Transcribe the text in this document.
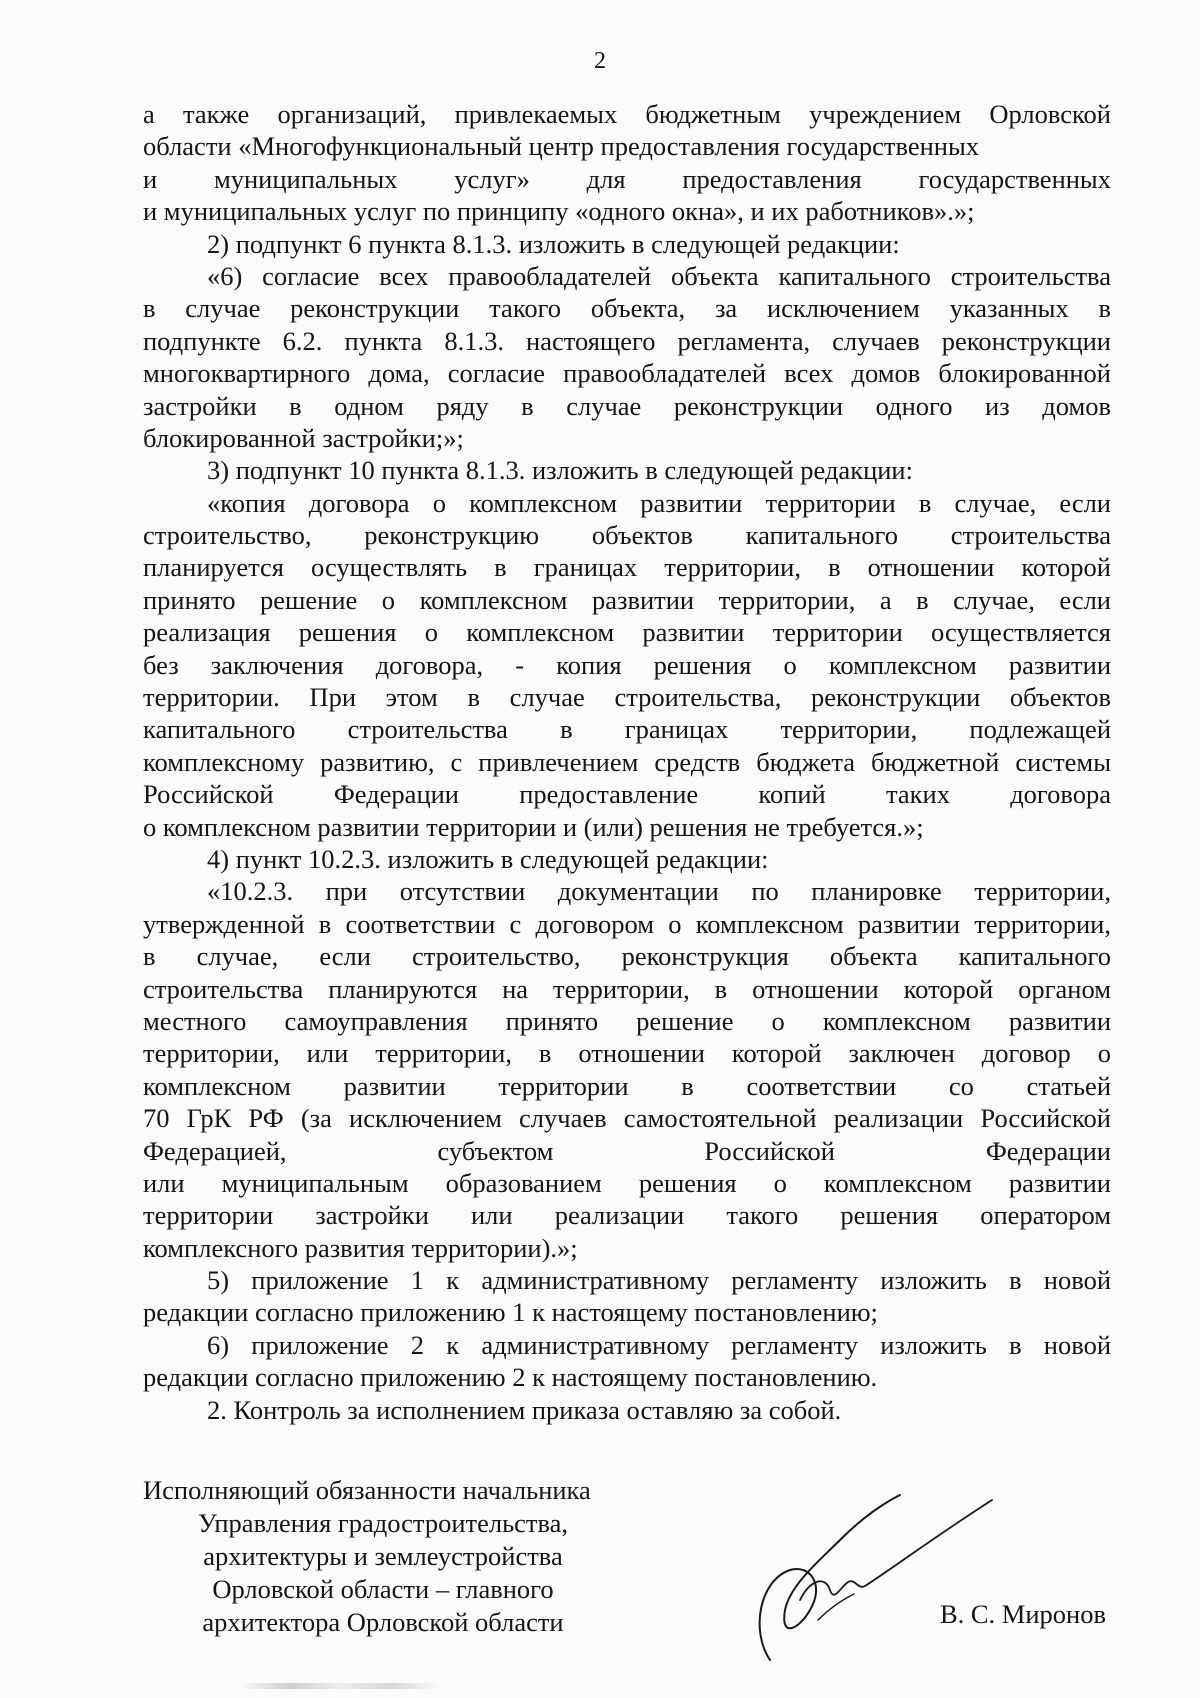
2
а также организаций, привлекаемых бюджетным учреждением Орловской
области «Многофункциональный центр предоставления государственных
и муниципальных услуг» для предоставления государственных
и муниципальных услуг по принципу «одного окна», и их работников».»;
2) подпункт 6 пункта 8.1.3. изложить в следующей редакции:
«6) согласие всех правообладателей объекта капитального строительства
в случае реконструкции такого объекта, за исключением указанных в
подпункте 6.2. пункта 8.1.3. настоящего регламента, случаев реконструкции
многоквартирного дома, согласие правообладателей всех домов блокированной
застройки в одном ряду в случае реконструкции одного из домов
блокированной застройки;»;
3) подпункт 10 пункта 8.1.3. изложить в следующей редакции:
«копия договора о комплексном развитии территории в случае, если
строительство, реконструкцию объектов капитального строительства
планируется осуществлять в границах территории, в отношении которой
принято решение о комплексном развитии территории, а в случае, если
реализация решения о комплексном развитии территории осуществляется
без заключения договора, - копия решения о комплексном развитии
территории. При этом в случае строительства, реконструкции объектов
капитального строительства в границах территории, подлежащей
комплексному развитию, с привлечением средств бюджета бюджетной системы
Российской Федерации предоставление копий таких договора
о комплексном развитии территории и (или) решения не требуется.»;
4) пункт 10.2.3. изложить в следующей редакции:
«10.2.3. при отсутствии документации по планировке территории,
утвержденной в соответствии с договором о комплексном развитии территории,
в случае, если строительство, реконструкция объекта капитального
строительства планируются на территории, в отношении которой органом
местного самоуправления принято решение о комплексном развитии
территории, или территории, в отношении которой заключен договор о
комплексном развитии территории в соответствии со статьей
70 ГрК РФ (за исключением случаев самостоятельной реализации Российской
Федерацией, субъектом Российской Федерации
или муниципальным образованием решения о комплексном развитии
территории застройки или реализации такого решения оператором
комплексного развития территории).»;
5) приложение 1 к административному регламенту изложить в новой
редакции согласно приложению 1 к настоящему постановлению;
6) приложение 2 к административному регламенту изложить в новой
редакции согласно приложению 2 к настоящему постановлению.
2. Контроль за исполнением приказа оставляю за собой.
Исполняющий обязанности начальника
Управления градостроительства,
архитектуры и землеустройства
Орловской области – главного
архитектора Орловской области	В. С. Миронов
